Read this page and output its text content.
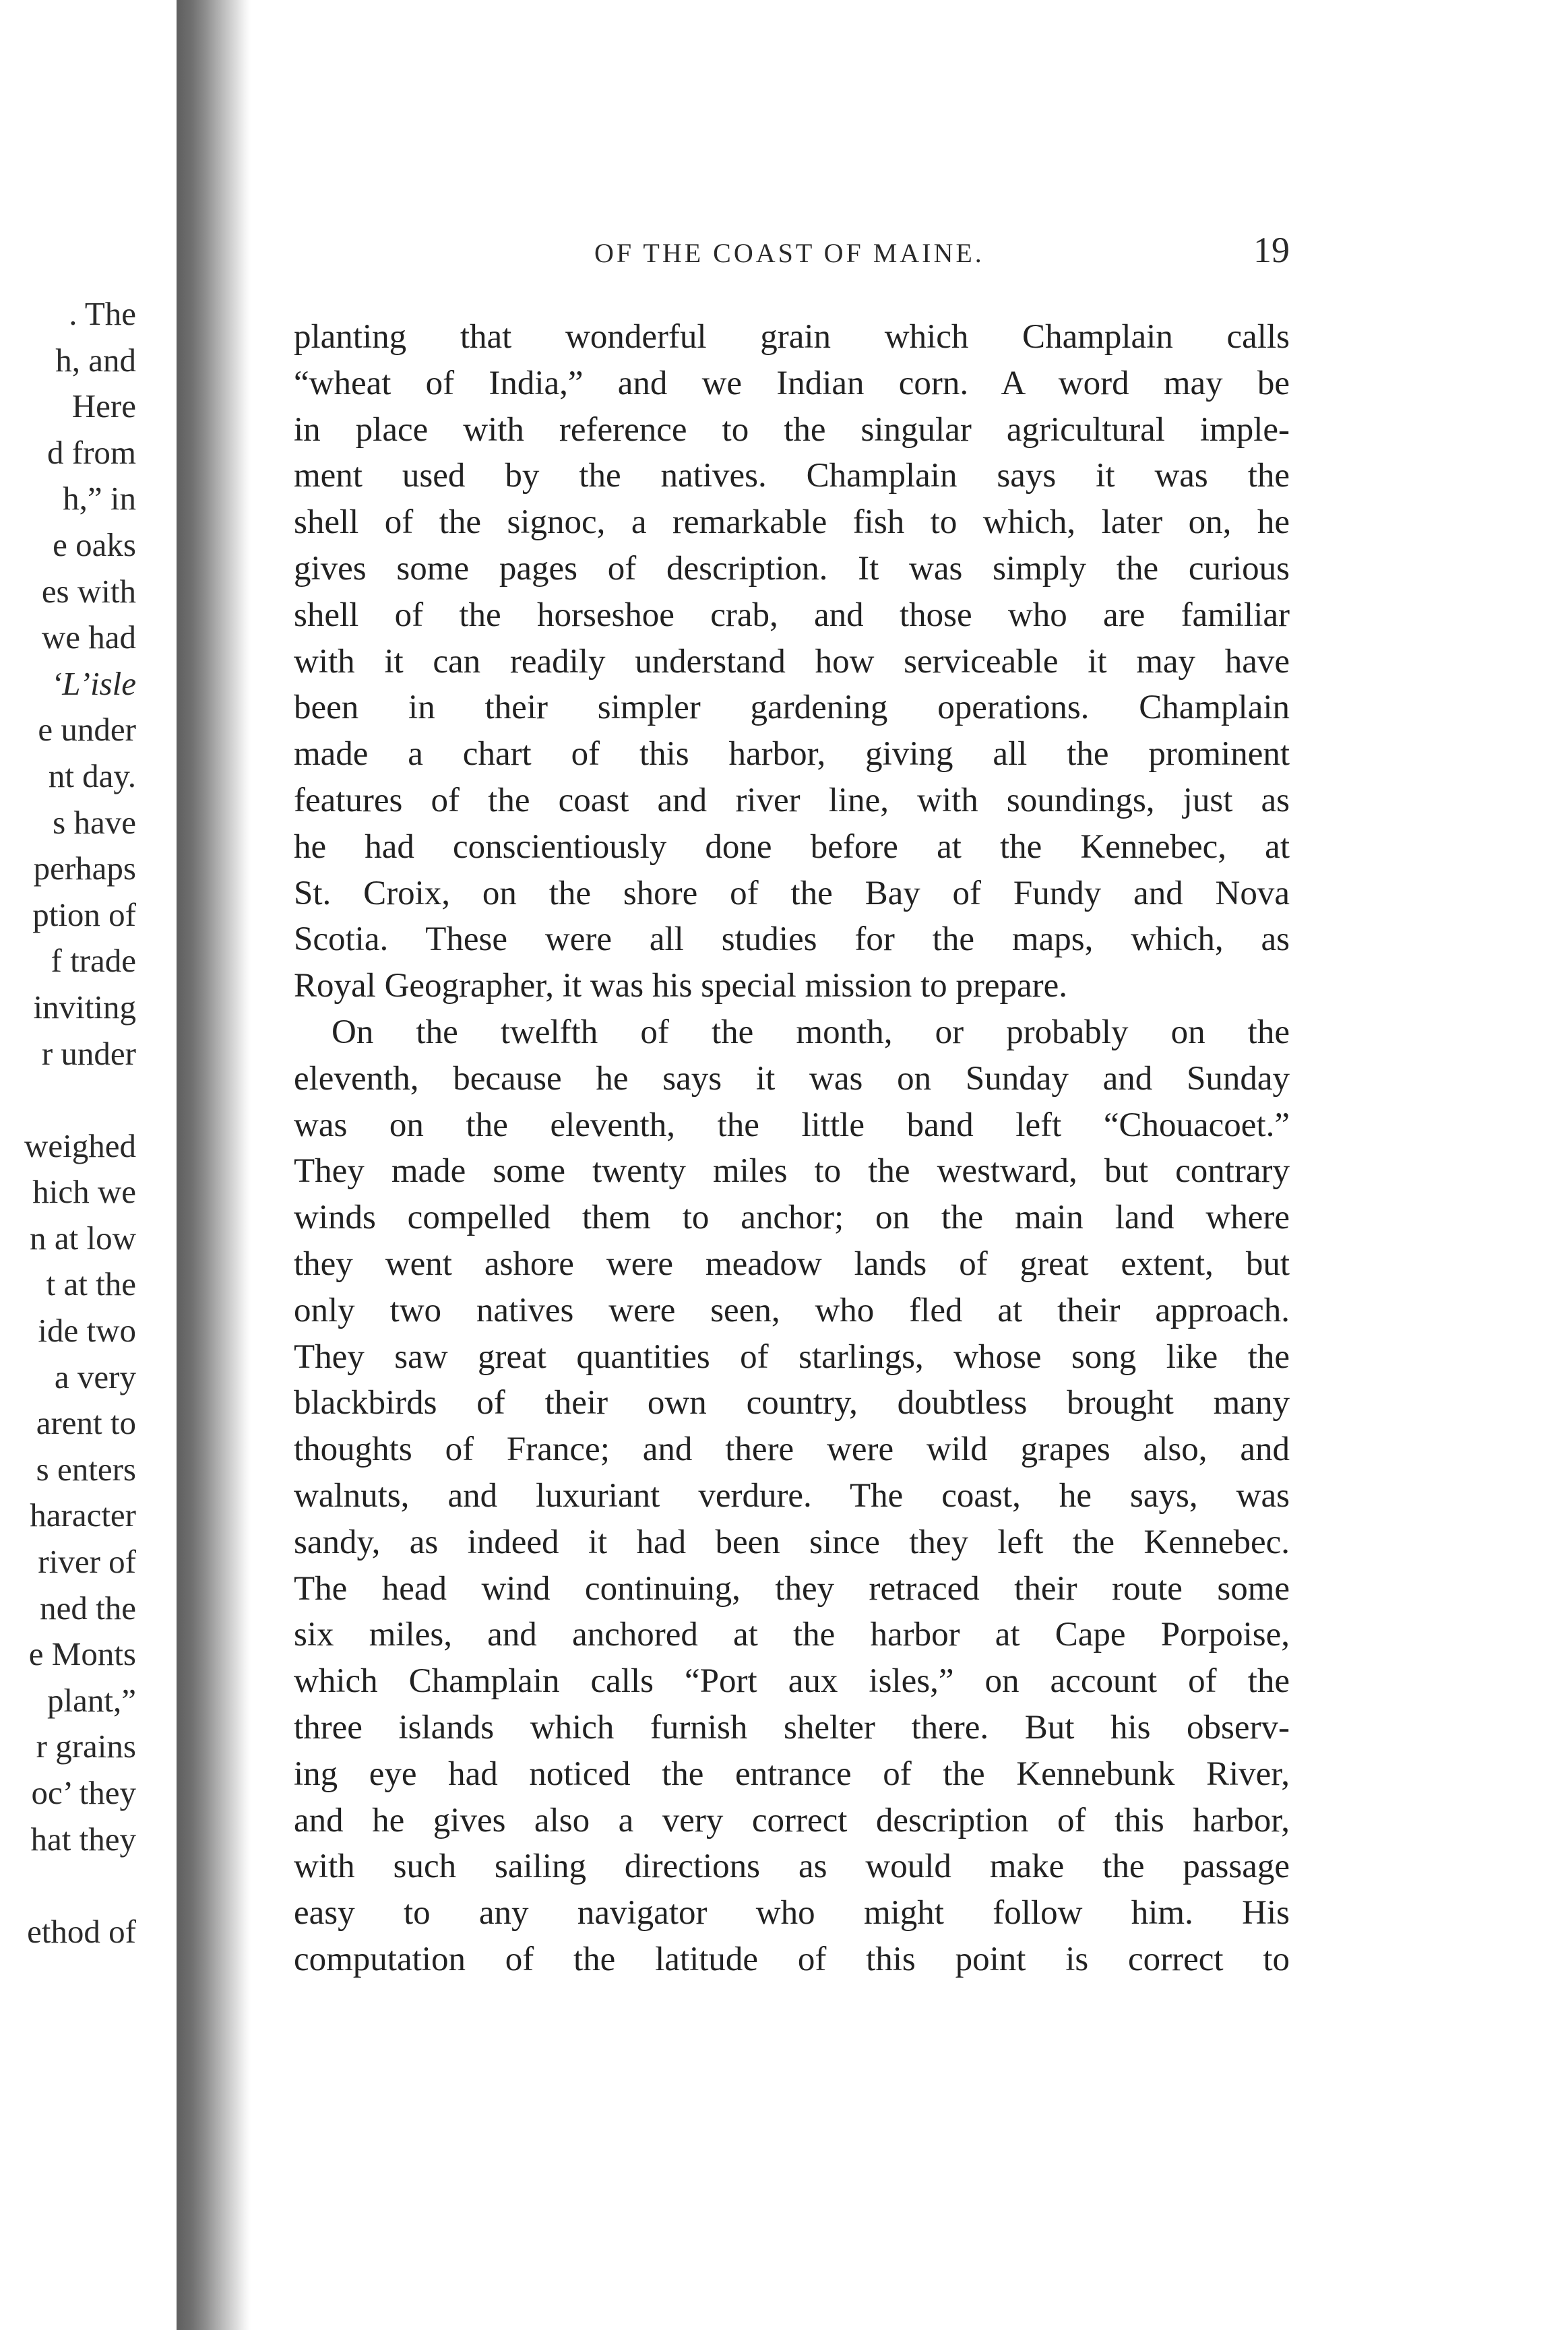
. The
h, and
Here
d from
h,” in
e oaks
es with
we had
‘L’isle
e under
nt day.
s have
perhaps
ption of
f trade
inviting
r under
weighed
hich we
n at low
t at the
ide two
a very
arent to
s enters
haracter
river of
ned the
e Monts
plant,”
r grains
oc’ they
hat they
ethod of
OF THE COAST OF MAINE.	19
planting that wonderful grain which Champlain calls
“wheat of India,” and we Indian corn. A word may be
in place with reference to the singular agricultural imple-
ment used by the natives. Champlain says it was the
shell of the signoc, a remarkable fish to which, later on, he
gives some pages of description. It was simply the curious
shell of the horseshoe crab, and those who are familiar
with it can readily understand how serviceable it may have
been in their simpler gardening operations. Champlain
made a chart of this harbor, giving all the prominent
features of the coast and river line, with soundings, just as
he had conscientiously done before at the Kennebec, at
St. Croix, on the shore of the Bay of Fundy and Nova
Scotia. These were all studies for the maps, which, as
Royal Geographer, it was his special mission to prepare.
On the twelfth of the month, or probably on the
eleventh, because he says it was on Sunday and Sunday
was on the eleventh, the little band left “Chouacoet.”
They made some twenty miles to the westward, but contrary
winds compelled them to anchor; on the main land where
they went ashore were meadow lands of great extent, but
only two natives were seen, who fled at their approach.
They saw great quantities of starlings, whose song like the
blackbirds of their own country, doubtless brought many
thoughts of France; and there were wild grapes also, and
walnuts, and luxuriant verdure. The coast, he says, was
sandy, as indeed it had been since they left the Kennebec.
The head wind continuing, they retraced their route some
six miles, and anchored at the harbor at Cape Porpoise,
which Champlain calls “Port aux isles,” on account of the
three islands which furnish shelter there. But his observ-
ing eye had noticed the entrance of the Kennebunk River,
and he gives also a very correct description of this harbor,
with such sailing directions as would make the passage
easy to any navigator who might follow him. His
computation of the latitude of this point is correct to
